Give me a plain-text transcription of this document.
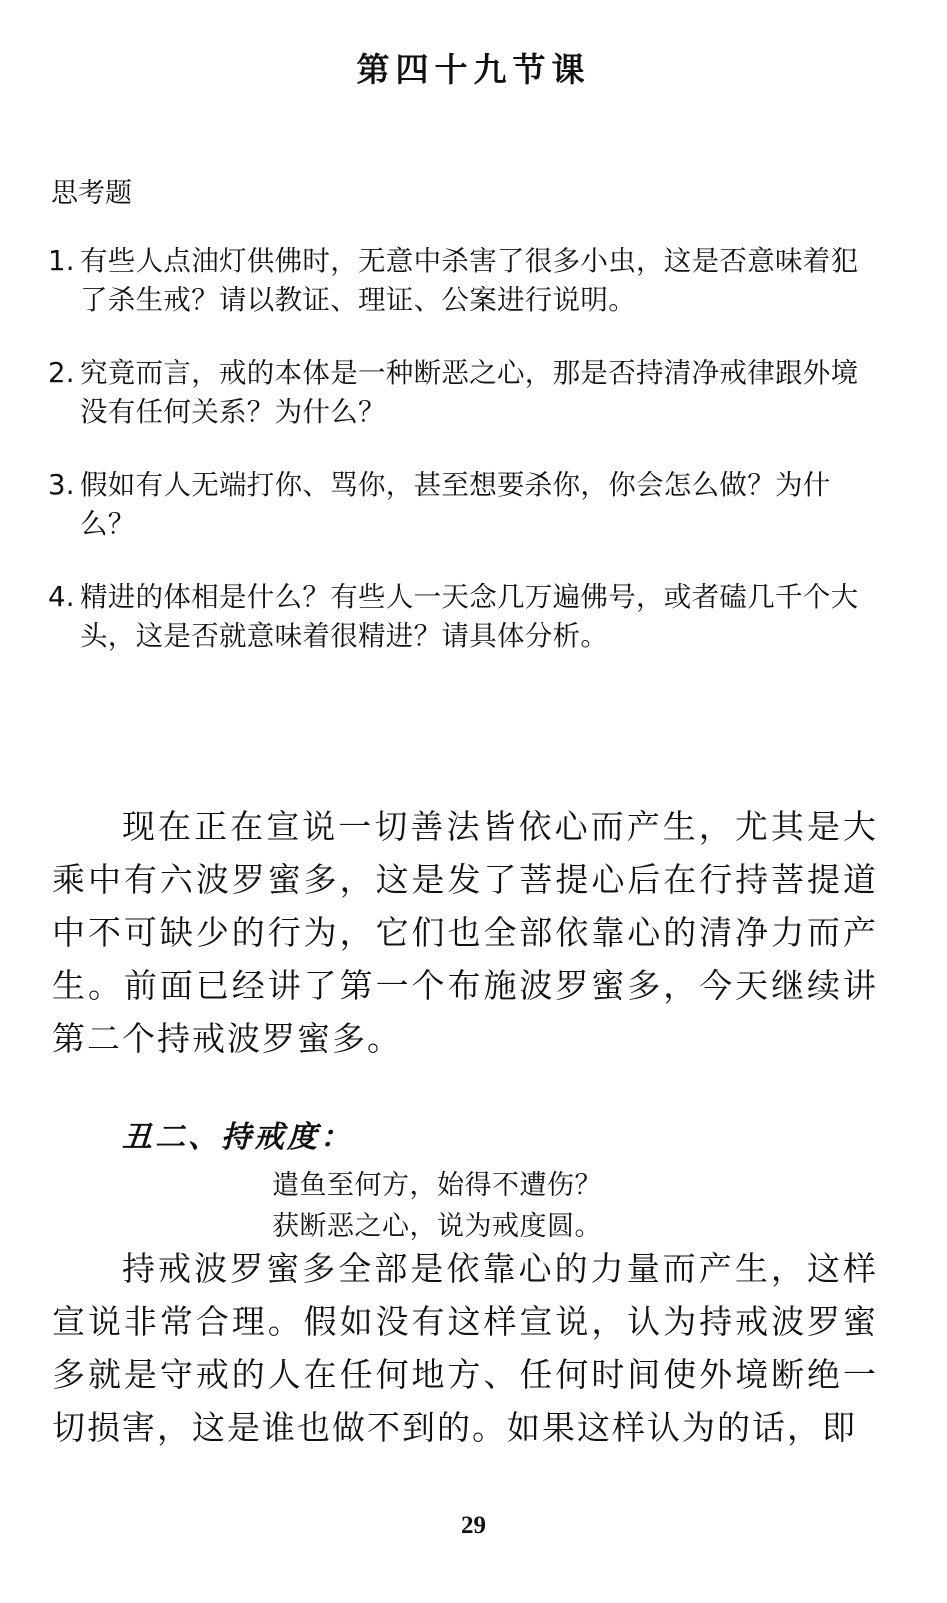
第四十九节课
思考题
1. 有些人点油灯供佛时，无意中杀害了很多小虫，这是否意味着犯了杀生戒？请以教证、理证、公案进行说明。
2. 究竟而言，戒的本体是一种断恶之心，那是否持清净戒律跟外境没有任何关系？为什么？
3. 假如有人无端打你、骂你，甚至想要杀你，你会怎么做？为什么？
4. 精进的体相是什么？有些人一天念几万遍佛号，或者磕几千个大头，这是否就意味着很精进？请具体分析。

现在正在宣说一切善法皆依心而产生，尤其是大乘中有六波罗蜜多，这是发了菩提心后在行持菩提道中不可缺少的行为，它们也全部依靠心的清净力而产生。前面已经讲了第一个布施波罗蜜多，今天继续讲第二个持戒波罗蜜多。

丑二、持戒度：
遣鱼至何方，始得不遭伤？
获断恶之心，说为戒度圆。

持戒波罗蜜多全部是依靠心的力量而产生，这样宣说非常合理。假如没有这样宣说，认为持戒波罗蜜多就是守戒的人在任何地方、任何时间使外境断绝一切损害，这是谁也做不到的。如果这样认为的话，即

29
